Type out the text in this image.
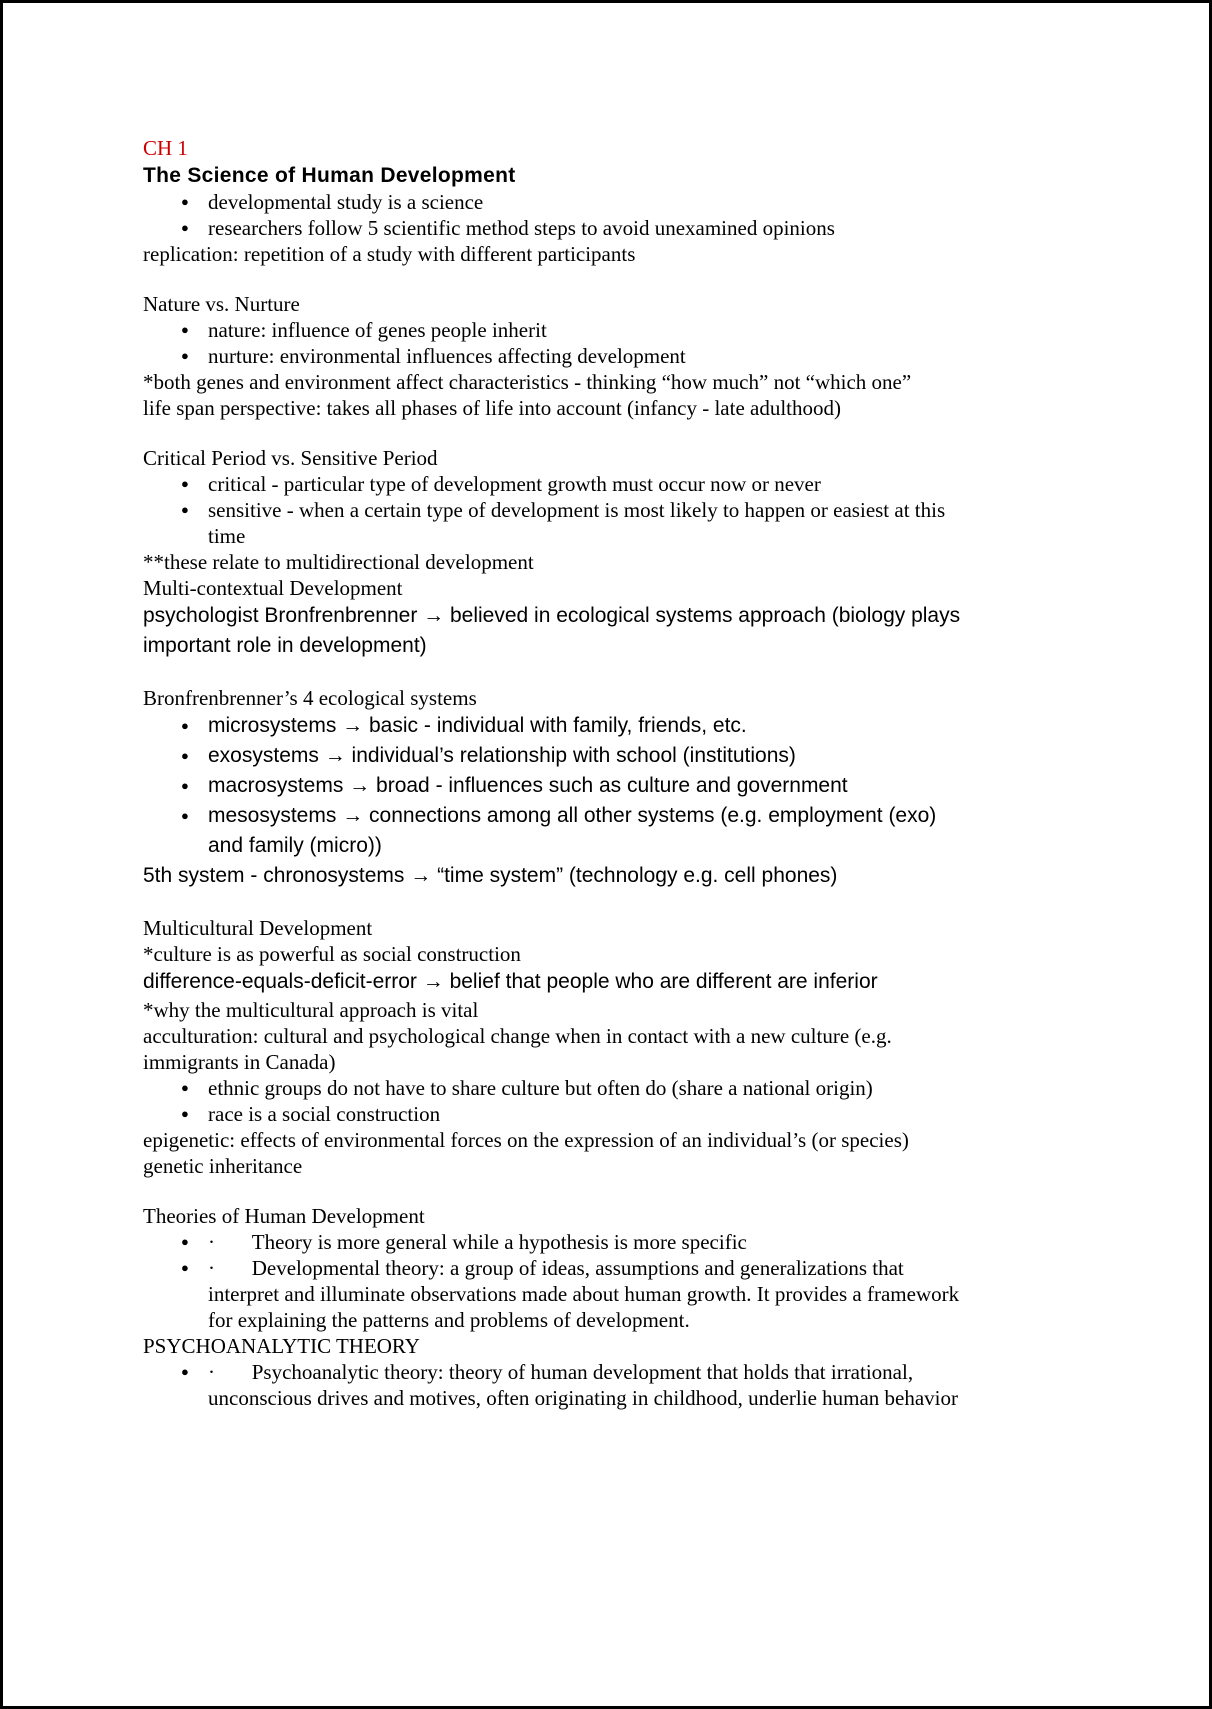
CH 1
The Science of Human Development
● developmental study is a science
● researchers follow 5 scientific method steps to avoid unexamined opinions
replication: repetition of a study with different participants
Nature vs. Nurture
● nature: influence of genes people inherit
● nurture: environmental influences affecting development
*both genes and environment affect characteristics - thinking “how much” not “which one”
life span perspective: takes all phases of life into account (infancy - late adulthood)
Critical Period vs. Sensitive Period
● critical - particular type of development growth must occur now or never
● sensitive - when a certain type of development is most likely to happen or easiest at this time
**these relate to multidirectional development
Multi-contextual Development
psychologist Bronfrenbrenner → believed in ecological systems approach (biology plays important role in development)
Bronfrenbrenner’s 4 ecological systems
● microsystems → basic - individual with family, friends, etc.
● exosystems → individual’s relationship with school (institutions)
● macrosystems → broad - influences such as culture and government
● mesosystems → connections among all other systems (e.g. employment (exo) and family (micro))
5th system - chronosystems → “time system” (technology e.g. cell phones)
Multicultural Development
*culture is as powerful as social construction
difference-equals-deficit-error → belief that people who are different are inferior
*why the multicultural approach is vital
acculturation: cultural and psychological change when in contact with a new culture (e.g. immigrants in Canada)
● ethnic groups do not have to share culture but often do (share a national origin)
● race is a social construction
epigenetic: effects of environmental forces on the expression of an individual’s (or species) genetic inheritance
Theories of Human Development
● ·       Theory is more general while a hypothesis is more specific
● ·       Developmental theory: a group of ideas, assumptions and generalizations that interpret and illuminate observations made about human growth. It provides a framework for explaining the patterns and problems of development.
PSYCHOANALYTIC THEORY
● ·       Psychoanalytic theory: theory of human development that holds that irrational, unconscious drives and motives, often originating in childhood, underlie human behavior
